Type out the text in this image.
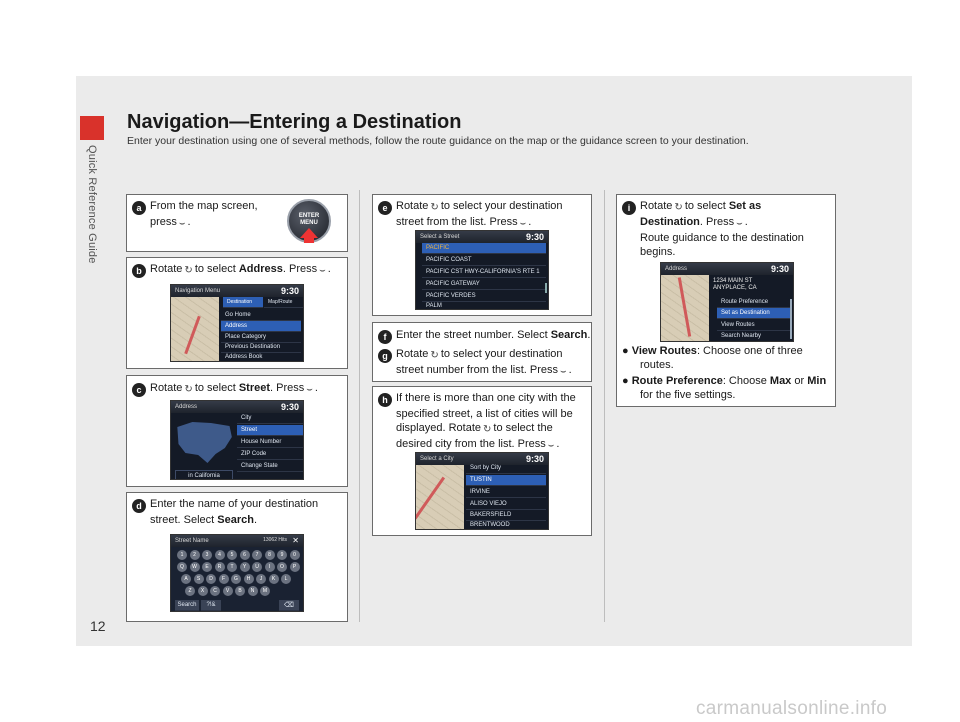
Quick Reference Guide
12
Navigation—Entering a Destination
Enter your destination using one of several methods, follow the route guidance on the map or the guidance screen to your destination.
a From the map screen,
press ⌣ .	ENTER
MENU
b Rotate ↻ to select Address. Press ⌣ .
Navigation Menu	9:30
Destination	Map/Route
Go Home
Address
Place Category
Previous Destination
Address Book
c Rotate ↻ to select Street. Press ⌣ .
Address	9:30
City
Street
House Number
ZIP Code
Change State
in California
d Enter the name of your destination
street. Select Search.
Street Name	13062 Hits ✕
1	2	3	4	5	6	7	8	9	0
Q	W	E	R	T	Y	U	I	O	P
A	S	D	F	G	H	J	K	L
Z	X	C	V	B	N	M
Search	?!&	⌫
e Rotate ↻ to select your destination
street from the list. Press ⌣ .
Select a Street	9:30
PACIFIC
PACIFIC COAST
PACIFIC CST HWY-CALIFORNIA'S RTE 1
PACIFIC GATEWAY
PACIFIC VERDES
PALM
f Enter the street number. Select Search.
g Rotate ↻ to select your destination
street number from the list. Press ⌣ .
h If there is more than one city with the
specified street, a list of cities will be
displayed. Rotate ↻ to select the
desired city from the list. Press ⌣ .
Select a City	9:30
Sort by City
TUSTIN
IRVINE
ALISO VIEJO
BAKERSFIELD
BRENTWOOD
i Rotate ↻ to select Set as
Destination. Press ⌣ .
Route guidance to the destination
begins.
Address	9:30
1234 MAIN ST
ANYPLACE, CA
Route Preference
Set as Destination
View Routes
Search Nearby
● View Routes: Choose one of three
routes.
● Route Preference: Choose Max or Min
for the five settings.
carmanualsonline.info
